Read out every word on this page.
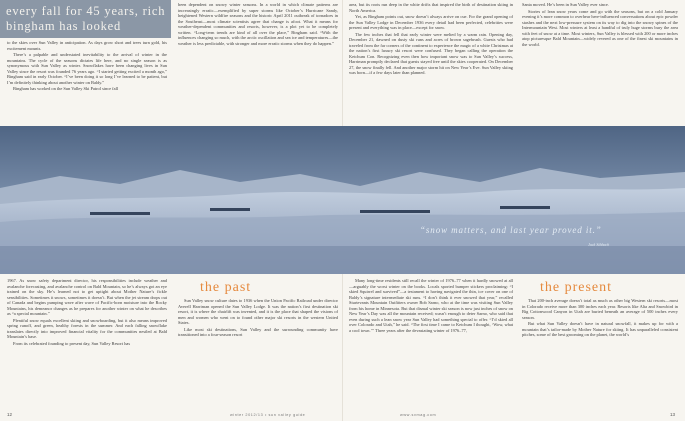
every fall for 45 years, rich bingham has looked

to the skies over Sun Valley in anticipation. As days grow short and trees turn gold, his excitement mounts.

There’s a palpable and understated inevitability to the arrival of winter in the mountains. The cycle of the seasons dictates life here, and no single season is as synonymous with Sun Valley as winter. Snowflakes have been changing lives in Sun Valley since the resort was founded 76 years ago. “I started getting excited a month ago,” Bingham said in early October. “I’ve been doing it so long I’ve learned to be patient, but I’m definitely thinking about another winter on Baldy.”

Bingham has worked on the Sun Valley Ski Patrol since fall

been dependent on snowy winter seasons. In a world in which climate patterns are increasingly erratic—exemplified by super storms like October’s Hurricane Sandy, heightened Western wildfire seasons and the historic April 2011 outbreak of tornadoes in the Southeast—most climate scientists agree that change is afoot. What it means for weather-dependent communities and resorts, however, is a plot yet to be completely written. “Long-term trends are kind of all over the place,” Bingham said. “With the influences changing so much, with the arctic oscillation and sea ice and temperatures—the weather is less predictable, with stronger and more erratic storms when they do happen.”

area, but its roots run deep in the white drifts that inspired the birth of destination skiing in North America.

Yet, as Bingham points out, snow doesn’t always arrive on cue. For the grand opening of the Sun Valley Lodge in December 1936 every detail had been perfected, celebrities were present and everything was in place—except for snow.

The few inches that fell that early winter were melted by a warm rain. Opening day, December 21, dawned on dusty ski runs and acres of brown sagebrush. Guests who had traveled from the far corners of the continent to experience the magic of a white Christmas at the nation’s first luxury ski resort were confused. They began calling the operation the Ketchum Con. Recognizing even then how important snow was to Sun Valley’s success, Harriman promptly declared that guests stayed free until the skies cooperated. On December 27, the snow finally fell. And another major storm hit on New Year’s Eve. Sun Valley skiing was born—if a few days later than planned.

Santa moved. He’s been in Sun Valley ever since.

Stories of lean snow years come and go with the seasons, but on a cold January evening it’s more common to overhear here-influenced conversations about epic powder stashes and the next low-pressure system on its way to dig into the snowy spines of the Intermountain West. Most winters at least a handful of truly huge storms bury the area with feet of snow at a time. Most winters, Sun Valley is blessed with 200 or more inches atop picturesque Bald Mountain—widely revered as one of the finest ski mountains in the world.

“snow matters, and last year proved it.”
Jack Sibbach

1967. As snow safety department director, his responsibilities include weather and avalanche forecasting, and avalanche control on Bald Mountain, so he’s always got an eye trained on the sky. He’s learned not to get uptight about Mother Nature’s fickle sensibilities. Sometimes it snows, sometimes it doesn’t. But when the jet stream drops out of Canada and begins pumping wave after wave of Pacific-born moisture into the Rocky Mountains, his demeanor changes as he prepares for another winter on what he describes as “a special mountain.”

Plentiful snow equals excellent skiing and snowboarding, but it also means improved spring runoff, and green, healthy forests in the summer. And each falling snowflake translates directly into improved financial vitality for the communities nestled at Bald Mountain’s base.

From its celebrated founding to present day, Sun Valley Resort has

the past

Sun Valley snow culture dates to 1936 when the Union Pacific Railroad under director Averell Harriman opened the Sun Valley Lodge. It was the nation’s first destination ski resort, it is where the chairlift was invented, and it is the place that shaped the visions of men and women who went on to found other major ski resorts in the western United States.

Like most ski destinations, Sun Valley and the surrounding community have transitioned into a four-season resort

Many long-time residents still recall the winter of 1976–77 when it hardly snowed at all—arguably the worst winter on the books. Locals sported bumper stickers proclaiming: “I skied Squirrel and survived”—a testament to having navigated the thin, ice cover on one of Baldy’s signature intermediate ski runs. “I don’t think it ever snowed that year,” recalled Sturtevants Mountain Outfitters owner Bob Sarno, who at the time was visiting Sun Valley from his home in Minnesota. But that dismal winter ski season is now just inches of snow on New Year’s Day was all the mountain received; wasn’t enough to deter Sarno, who said that even during such a lean snow year Sun Valley had something special to offer. “I’d skied all over Colorado and Utah,” he said. “The first time I came to Ketchum I thought, ‘Wow, what a cool town.’” Three years after the devastating winter of 1976–77,

the present

That 200-inch average doesn’t total as much as other big Western ski resorts—most in Colorado receive more than 300 inches each year. Resorts like Alta and Snowbird in Big Cottonwood Canyon in Utah are buried beneath an average of 500 inches every season.

But what Sun Valley doesn’t have in natural snowfall, it makes up for with a mountain that’s tailor-made by Mother Nature for skiing. It has unparalleled consistent pitches, some of the best grooming on the planet, the world’s

12	winter 2012/13 • sun valley guide	www.svmag.com	13
